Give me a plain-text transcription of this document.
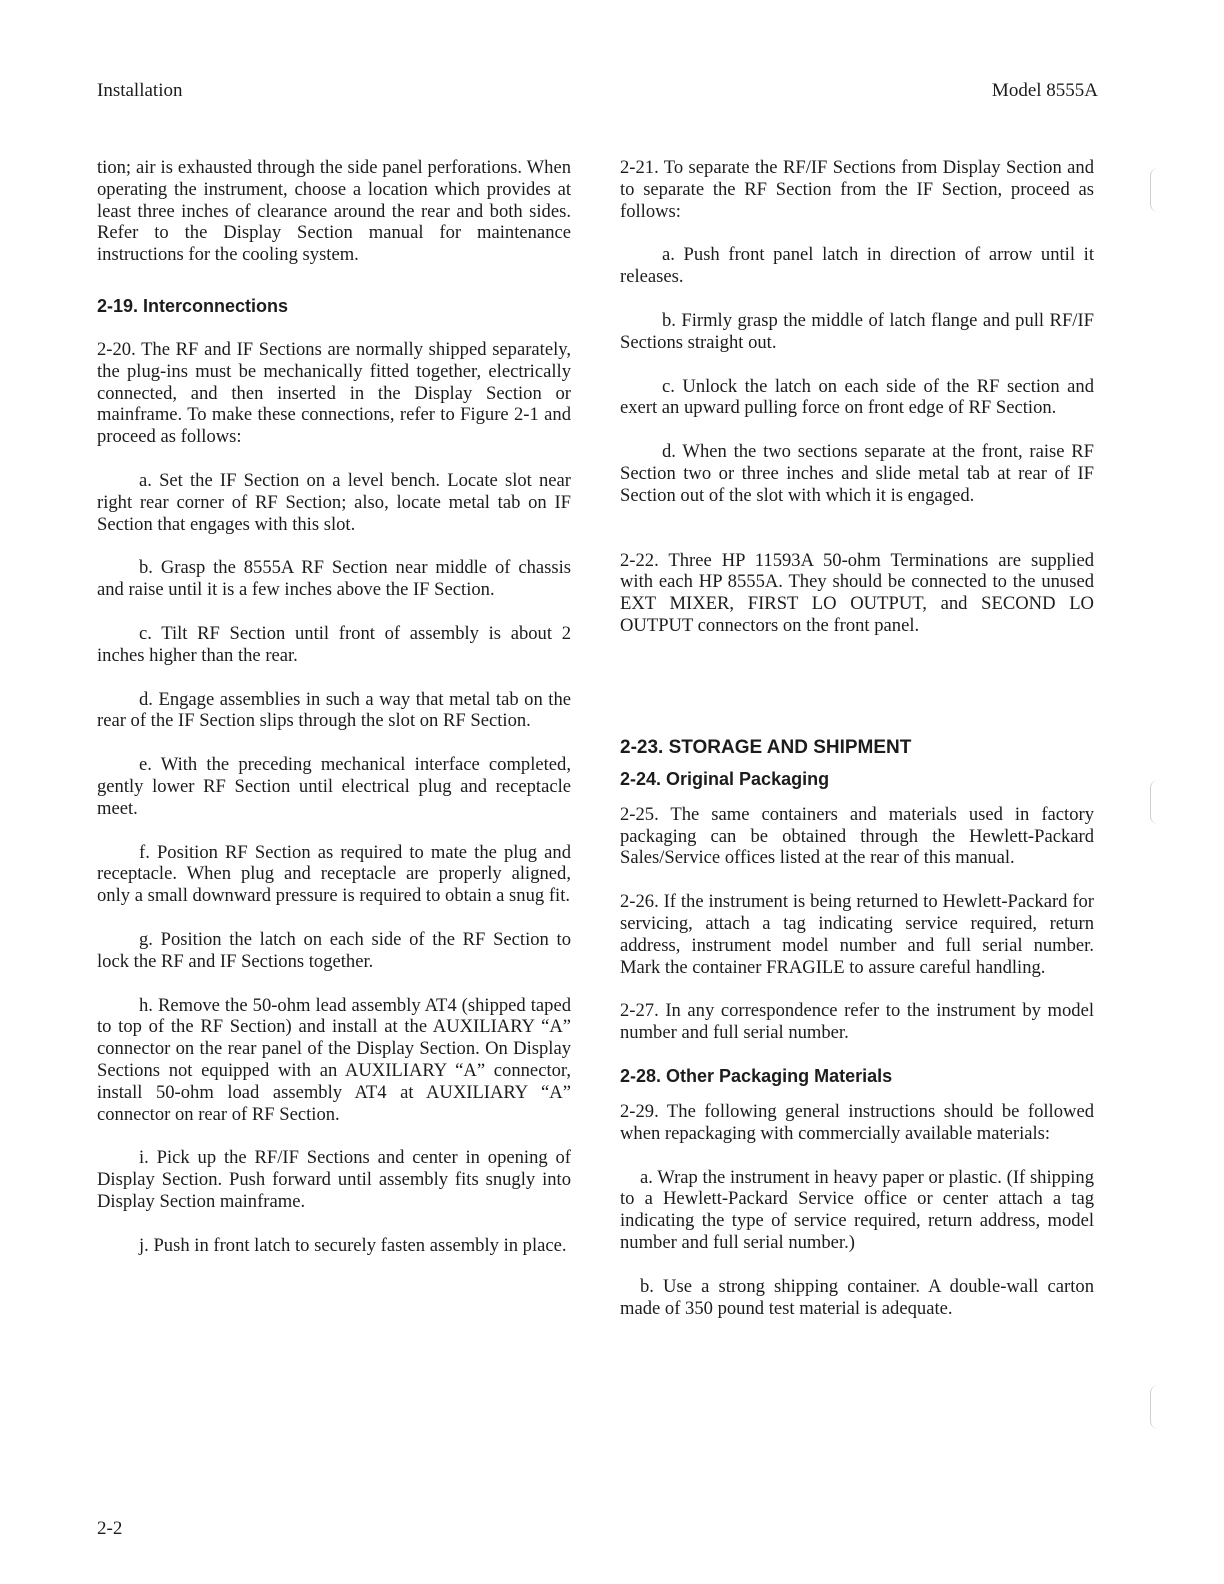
Installation	Model 8555A

tion; air is exhausted through the side panel perforations. When operating the instrument, choose a location which provides at least three inches of clearance around the rear and both sides. Refer to the Display Section manual for maintenance instructions for the cooling system.

2-19. Interconnections

2-20. The RF and IF Sections are normally shipped separately, the plug-ins must be mechanically fitted together, electrically connected, and then inserted in the Display Section or mainframe. To make these connections, refer to Figure 2-1 and proceed as follows:

a. Set the IF Section on a level bench. Locate slot near right rear corner of RF Section; also, locate metal tab on IF Section that engages with this slot.

b. Grasp the 8555A RF Section near middle of chassis and raise until it is a few inches above the IF Section.

c. Tilt RF Section until front of assembly is about 2 inches higher than the rear.

d. Engage assemblies in such a way that metal tab on the rear of the IF Section slips through the slot on RF Section.

e. With the preceding mechanical interface completed, gently lower RF Section until electrical plug and receptacle meet.

f. Position RF Section as required to mate the plug and receptacle. When plug and receptacle are properly aligned, only a small downward pressure is required to obtain a snug fit.

g. Position the latch on each side of the RF Section to lock the RF and IF Sections together.

h. Remove the 50-ohm lead assembly AT4 (shipped taped to top of the RF Section) and install at the AUXILIARY “A” connector on the rear panel of the Display Section. On Display Sections not equipped with an AUXILIARY “A” connector, install 50-ohm load assembly AT4 at AUXILIARY “A” connector on rear of RF Section.

i. Pick up the RF/IF Sections and center in opening of Display Section. Push forward until assembly fits snugly into Display Section mainframe.

j. Push in front latch to securely fasten assembly in place.

2-21. To separate the RF/IF Sections from Display Section and to separate the RF Section from the IF Section, proceed as follows:

a. Push front panel latch in direction of arrow until it releases.

b. Firmly grasp the middle of latch flange and pull RF/IF Sections straight out.

c. Unlock the latch on each side of the RF section and exert an upward pulling force on front edge of RF Section.

d. When the two sections separate at the front, raise RF Section two or three inches and slide metal tab at rear of IF Section out of the slot with which it is engaged.

2-22. Three HP 11593A 50-ohm Terminations are supplied with each HP 8555A. They should be connected to the unused EXT MIXER, FIRST LO OUTPUT, and SECOND LO OUTPUT connectors on the front panel.

2-23. STORAGE AND SHIPMENT
2-24. Original Packaging

2-25. The same containers and materials used in factory packaging can be obtained through the Hewlett-Packard Sales/Service offices listed at the rear of this manual.

2-26. If the instrument is being returned to Hewlett-Packard for servicing, attach a tag indicating service required, return address, instrument model number and full serial number. Mark the container FRAGILE to assure careful handling.

2-27. In any correspondence refer to the instrument by model number and full serial number.

2-28. Other Packaging Materials

2-29. The following general instructions should be followed when repackaging with commercially available materials:

a. Wrap the instrument in heavy paper or plastic. (If shipping to a Hewlett-Packard Service office or center attach a tag indicating the type of service required, return address, model number and full serial number.)

b. Use a strong shipping container. A double-wall carton made of 350 pound test material is adequate.

2-2
